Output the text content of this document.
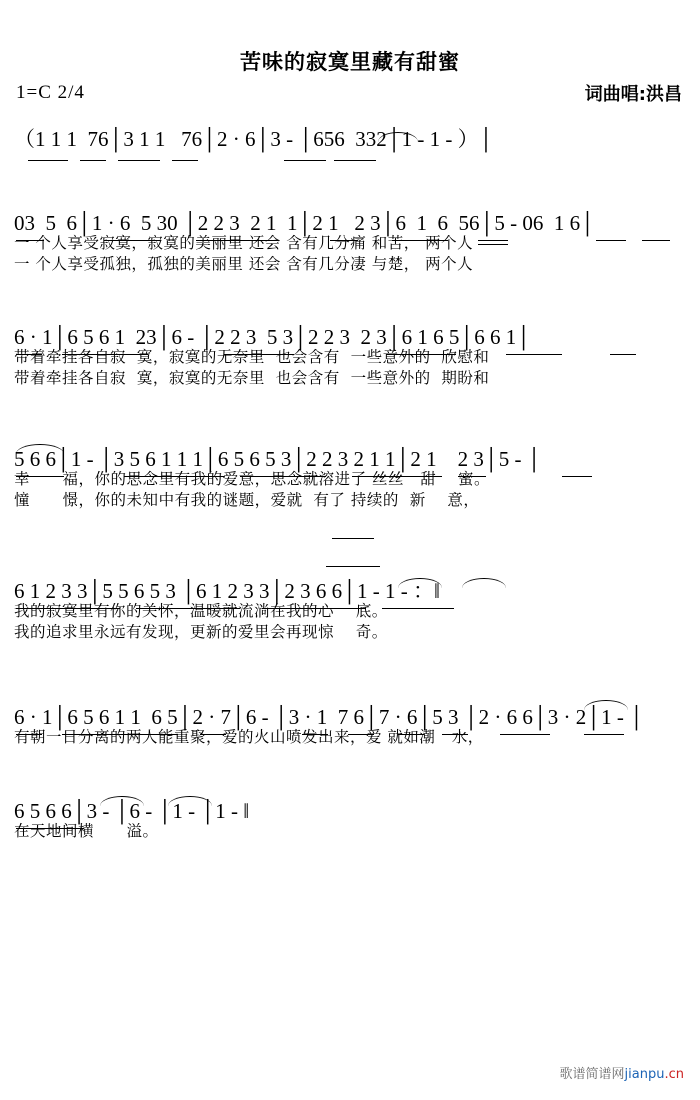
苦味的寂寞里藏有甜蜜
1=C 2/4	词曲唱:洪昌
（1 1 1  76│3 1 1   76│2 · 6│3 - │656  332│1 - 1 - ）│
03  5  6│1 · 6  5 30 │2 2 3  2 1  1│2 1   2 3│6  1  6  56│5 - 06  1 6│
一 个人享受寂寞，寂寞的美丽里 还会 含有几分痛 和苦， 两个人
一 个人享受孤独，孤独的美丽里 还会 含有几分凄 与楚， 两个人
6 · 1│6 5 6 1  23│6 - │2 2 3  5 3│2 2 3  2 3│6 1 6 5│6 6 1│
带着牵挂各自寂  寞，寂寞的无奈里  也会含有  一些意外的  欣慰和
带着牵挂各自寂  寞，寂寞的无奈里  也会含有  一些意外的  期盼和
5 6 6│1 - │3 5 6 1 1 1│6 5 6 5 3│2 2 3 2 1 1│2 1    2 3│5 - │
幸      福，你的思念里有我的爱意，思念就溶进了 丝丝   甜    蜜。
憧      憬，你的未知中有我的谜题，爱就  有了 持续的  新    意，
6 1 2 3 3│5 5 6 5 3 │6 1 2 3 3│2 3 6 6│1 - 1 - ：‖
我的寂寞里有你的关怀，温暖就流淌在我的心    底。
我的追求里永远有发现，更新的爱里会再现惊    奇。
6 · 1│6 5 6 1 1  6 5│2 · 7│6 - │3 · 1  7 6│7 · 6│5 3 │2 · 6 6│3 · 2│1 - │
有朝一日分离的两人能重聚，爱的火山喷发出来，爱 就如潮   水，
6 5 6 6│3 - │6 - │1 - │1 - ‖
在天地间横      溢。
歌谱简谱网jianpu.cn
